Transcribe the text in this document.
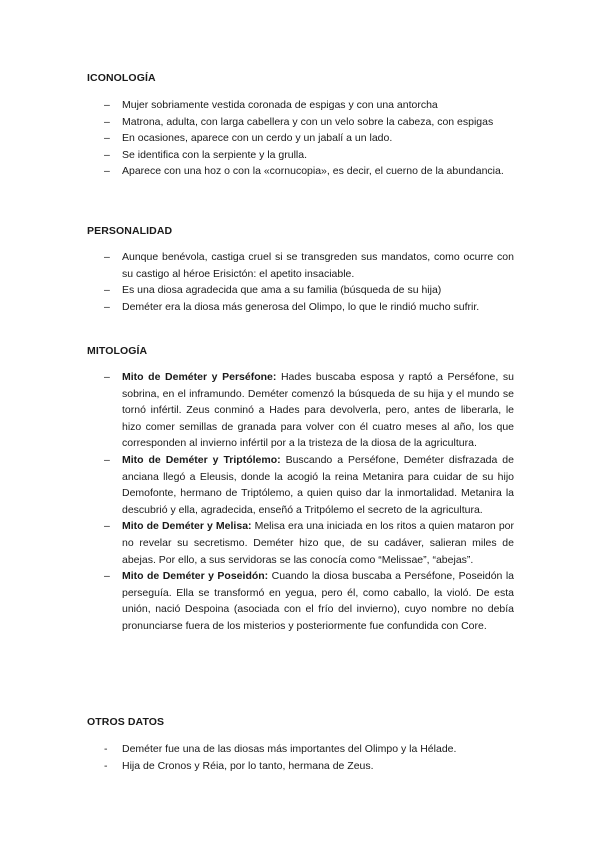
ICONOLOGÍA
– Mujer sobriamente vestida coronada de espigas y con una antorcha
– Matrona, adulta, con larga cabellera y con un velo sobre la cabeza, con espigas
– En ocasiones, aparece con un cerdo y un jabalí a un lado.
– Se identifica con la serpiente y la grulla.
– Aparece con una hoz o con la «cornucopia», es decir, el cuerno de la abundancia.
PERSONALIDAD
– Aunque benévola, castiga cruel si se transgreden sus mandatos, como ocurre con su castigo al héroe Erisictón: el apetito insaciable.
– Es una diosa agradecida que ama a su familia (búsqueda de su hija)
– Deméter era la diosa más generosa del Olimpo, lo que le rindió mucho sufrir.
MITOLOGÍA
– Mito de Deméter y Perséfone: Hades buscaba esposa y raptó a Perséfone, su sobrina, en el inframundo. Deméter comenzó la búsqueda de su hija y el mundo se tornó infértil. Zeus conminó a Hades para devolverla, pero, antes de liberarla, le hizo comer semillas de granada para volver con él cuatro meses al año, los que corresponden al invierno infértil por a la tristeza de la diosa de la agricultura.
– Mito de Deméter y Triptólemo: Buscando a Perséfone, Deméter disfrazada de anciana llegó a Eleusis, donde la acogió la reina Metanira para cuidar de su hijo Demofonte, hermano de Triptólemo, a quien quiso dar la inmortalidad. Metanira la descubrió y ella, agradecida, enseñó a Tritpólemo el secreto de la agricultura.
– Mito de Deméter y Melisa: Melisa era una iniciada en los ritos a quien mataron por no revelar su secretismo. Deméter hizo que, de su cadáver, salieran miles de abejas. Por ello, a sus servidoras se las conocía como “Melissae”, “abejas”.
– Mito de Deméter y Poseidón: Cuando la diosa buscaba a Perséfone, Poseidón la perseguía. Ella se transformó en yegua, pero él, como caballo, la violó. De esta unión, nació Despoina (asociada con el frío del invierno), cuyo nombre no debía pronunciarse fuera de los misterios y posteriormente fue confundida con Core.
OTROS DATOS
- Deméter fue una de las diosas más importantes del Olimpo y la Hélade.
- Hija de Cronos y Réia, por lo tanto, hermana de Zeus.
